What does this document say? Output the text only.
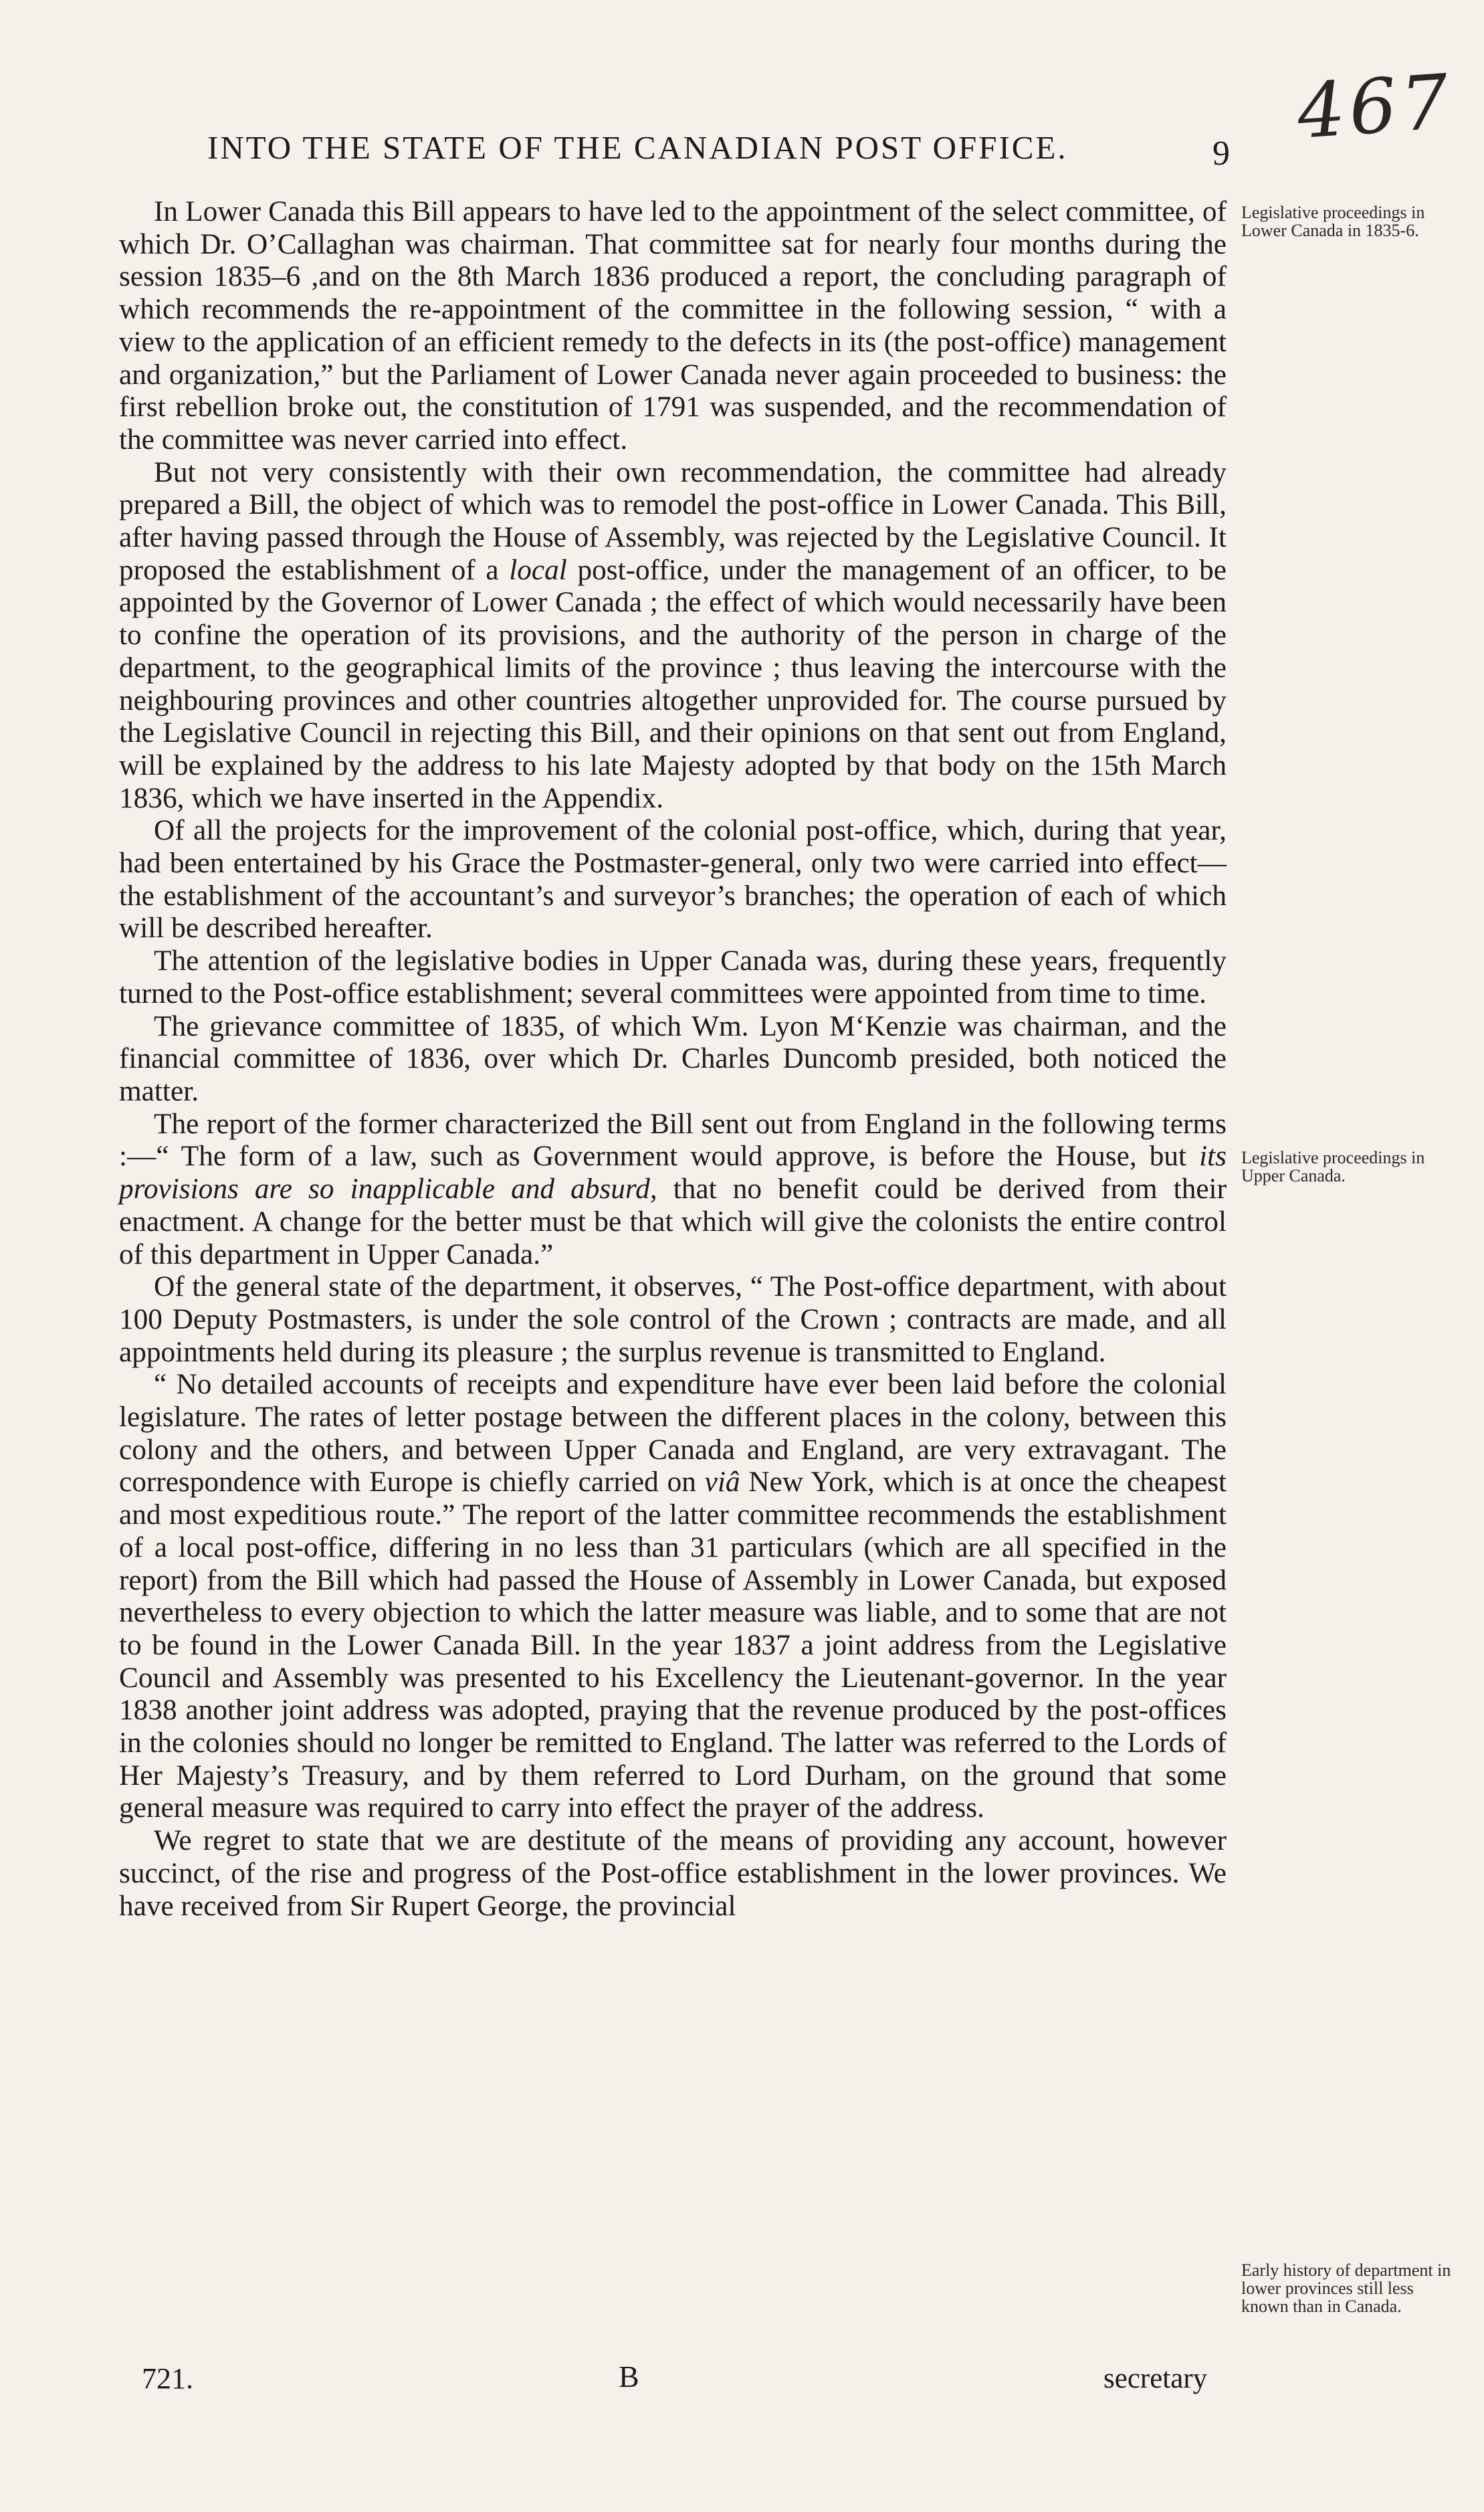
467
INTO THE STATE OF THE CANADIAN POST OFFICE.	9

In Lower Canada this Bill appears to have led to the appointment of the select committee, of which Dr. O’Callaghan was chairman. That committee sat for nearly four months during the session 1835–6 ,and on the 8th March 1836 produced a report, the concluding paragraph of which recommends the re-appointment of the committee in the following session, “ with a view to the application of an efficient remedy to the defects in its (the post-office) management and organization,” but the Parliament of Lower Canada never again proceeded to business: the first rebellion broke out, the constitution of 1791 was suspended, and the recommendation of the committee was never carried into effect.

But not very consistently with their own recommendation, the committee had already prepared a Bill, the object of which was to remodel the post-office in Lower Canada. This Bill, after having passed through the House of Assembly, was rejected by the Legislative Council. It proposed the establishment of a local post-office, under the management of an officer, to be appointed by the Governor of Lower Canada ; the effect of which would necessarily have been to confine the operation of its provisions, and the authority of the person in charge of the department, to the geographical limits of the province ; thus leaving the intercourse with the neighbouring provinces and other countries altogether unprovided for. The course pursued by the Legislative Council in rejecting this Bill, and their opinions on that sent out from England, will be explained by the address to his late Majesty adopted by that body on the 15th March 1836, which we have inserted in the Appendix.

Of all the projects for the improvement of the colonial post-office, which, during that year, had been entertained by his Grace the Postmaster-general, only two were carried into effect—the establishment of the accountant’s and surveyor’s branches; the operation of each of which will be described hereafter.

The attention of the legislative bodies in Upper Canada was, during these years, frequently turned to the Post-office establishment; several committees were appointed from time to time.

The grievance committee of 1835, of which Wm. Lyon M‘Kenzie was chairman, and the financial committee of 1836, over which Dr. Charles Duncomb presided, both noticed the matter.

The report of the former characterized the Bill sent out from England in the following terms :—“ The form of a law, such as Government would approve, is before the House, but its provisions are so inapplicable and absurd, that no benefit could be derived from their enactment. A change for the better must be that which will give the colonists the entire control of this department in Upper Canada.”

Of the general state of the department, it observes, “ The Post-office department, with about 100 Deputy Postmasters, is under the sole control of the Crown ; contracts are made, and all appointments held during its pleasure ; the surplus revenue is transmitted to England.

“ No detailed accounts of receipts and expenditure have ever been laid before the colonial legislature. The rates of letter postage between the different places in the colony, between this colony and the others, and between Upper Canada and England, are very extravagant. The correspondence with Europe is chiefly carried on viâ New York, which is at once the cheapest and most expeditious route.” The report of the latter committee recommends the establishment of a local post-office, differing in no less than 31 particulars (which are all specified in the report) from the Bill which had passed the House of Assembly in Lower Canada, but exposed nevertheless to every objection to which the latter measure was liable, and to some that are not to be found in the Lower Canada Bill. In the year 1837 a joint address from the Legislative Council and Assembly was presented to his Excellency the Lieutenant-governor. In the year 1838 another joint address was adopted, praying that the revenue produced by the post-offices in the colonies should no longer be remitted to England. The latter was referred to the Lords of Her Majesty’s Treasury, and by them referred to Lord Durham, on the ground that some general measure was required to carry into effect the prayer of the address.

We regret to state that we are destitute of the means of providing any account, however succinct, of the rise and progress of the Post-office establishment in the lower provinces. We have received from Sir Rupert George, the provincial

Legislative proceedings in Lower Canada in 1835-6.
Legislative proceedings in Upper Canada.
Early history of department in lower provinces still less known than in Canada.
721.	B	secretary
